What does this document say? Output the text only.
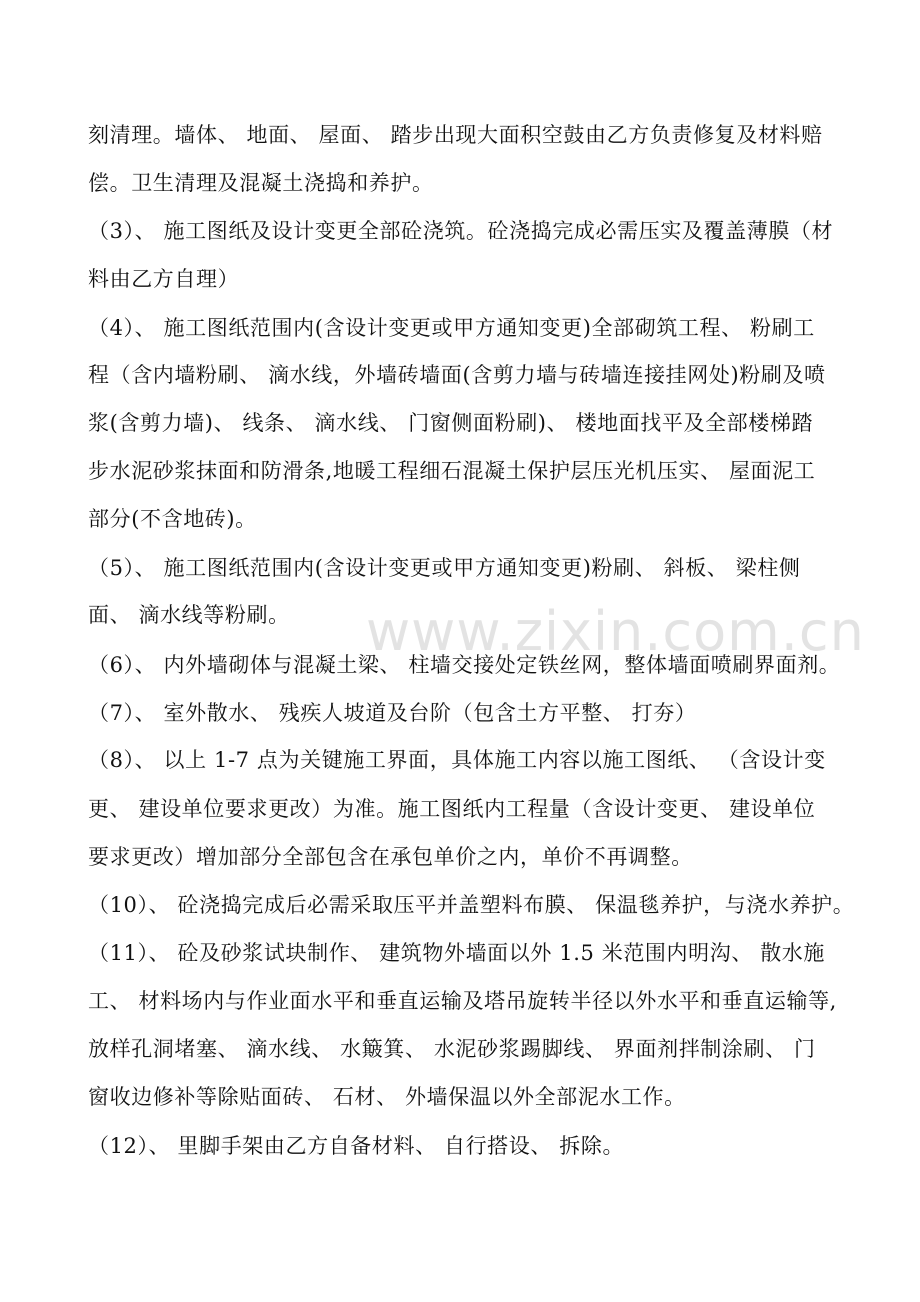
www.zixin.com.cn
刻清理。墙体、 地面、 屋面、 踏步出现大面积空鼓由乙方负责修复及材料赔
偿。卫生清理及混凝土浇捣和养护。
（3）、 施工图纸及设计变更全部砼浇筑。砼浇捣完成必需压实及覆盖薄膜（材
料由乙方自理）
（4）、 施工图纸范围内(含设计变更或甲方通知变更)全部砌筑工程、 粉刷工
程（含内墙粉刷、 滴水线，外墙砖墙面(含剪力墙与砖墙连接挂网处)粉刷及喷
浆(含剪力墙)、 线条、 滴水线、 门窗侧面粉刷)、 楼地面找平及全部楼梯踏
步水泥砂浆抹面和防滑条,地暖工程细石混凝土保护层压光机压实、 屋面泥工
部分(不含地砖)。
（5）、 施工图纸范围内(含设计变更或甲方通知变更)粉刷、 斜板、 梁柱侧
面、 滴水线等粉刷。
（6）、 内外墙砌体与混凝土梁、 柱墙交接处定铁丝网，整体墙面喷刷界面剂。
（7）、 室外散水、 残疾人坡道及台阶（包含土方平整、 打夯）
（8）、 以上 1-7 点为关键施工界面，具体施工内容以施工图纸、 （含设计变
更、 建设单位要求更改）为准。施工图纸内工程量（含设计变更、 建设单位
要求更改）增加部分全部包含在承包单价之内，单价不再调整。
（10）、 砼浇捣完成后必需采取压平并盖塑料布膜、 保温毯养护，与浇水养护。
（11）、 砼及砂浆试块制作、 建筑物外墙面以外 1.5 米范围内明沟、 散水施
工、 材料场内与作业面水平和垂直运输及塔吊旋转半径以外水平和垂直运输等,
放样孔洞堵塞、 滴水线、 水簸箕、 水泥砂浆踢脚线、 界面剂拌制涂刷、 门
窗收边修补等除贴面砖、 石材、 外墙保温以外全部泥水工作。
（12）、 里脚手架由乙方自备材料、 自行搭设、 拆除。
